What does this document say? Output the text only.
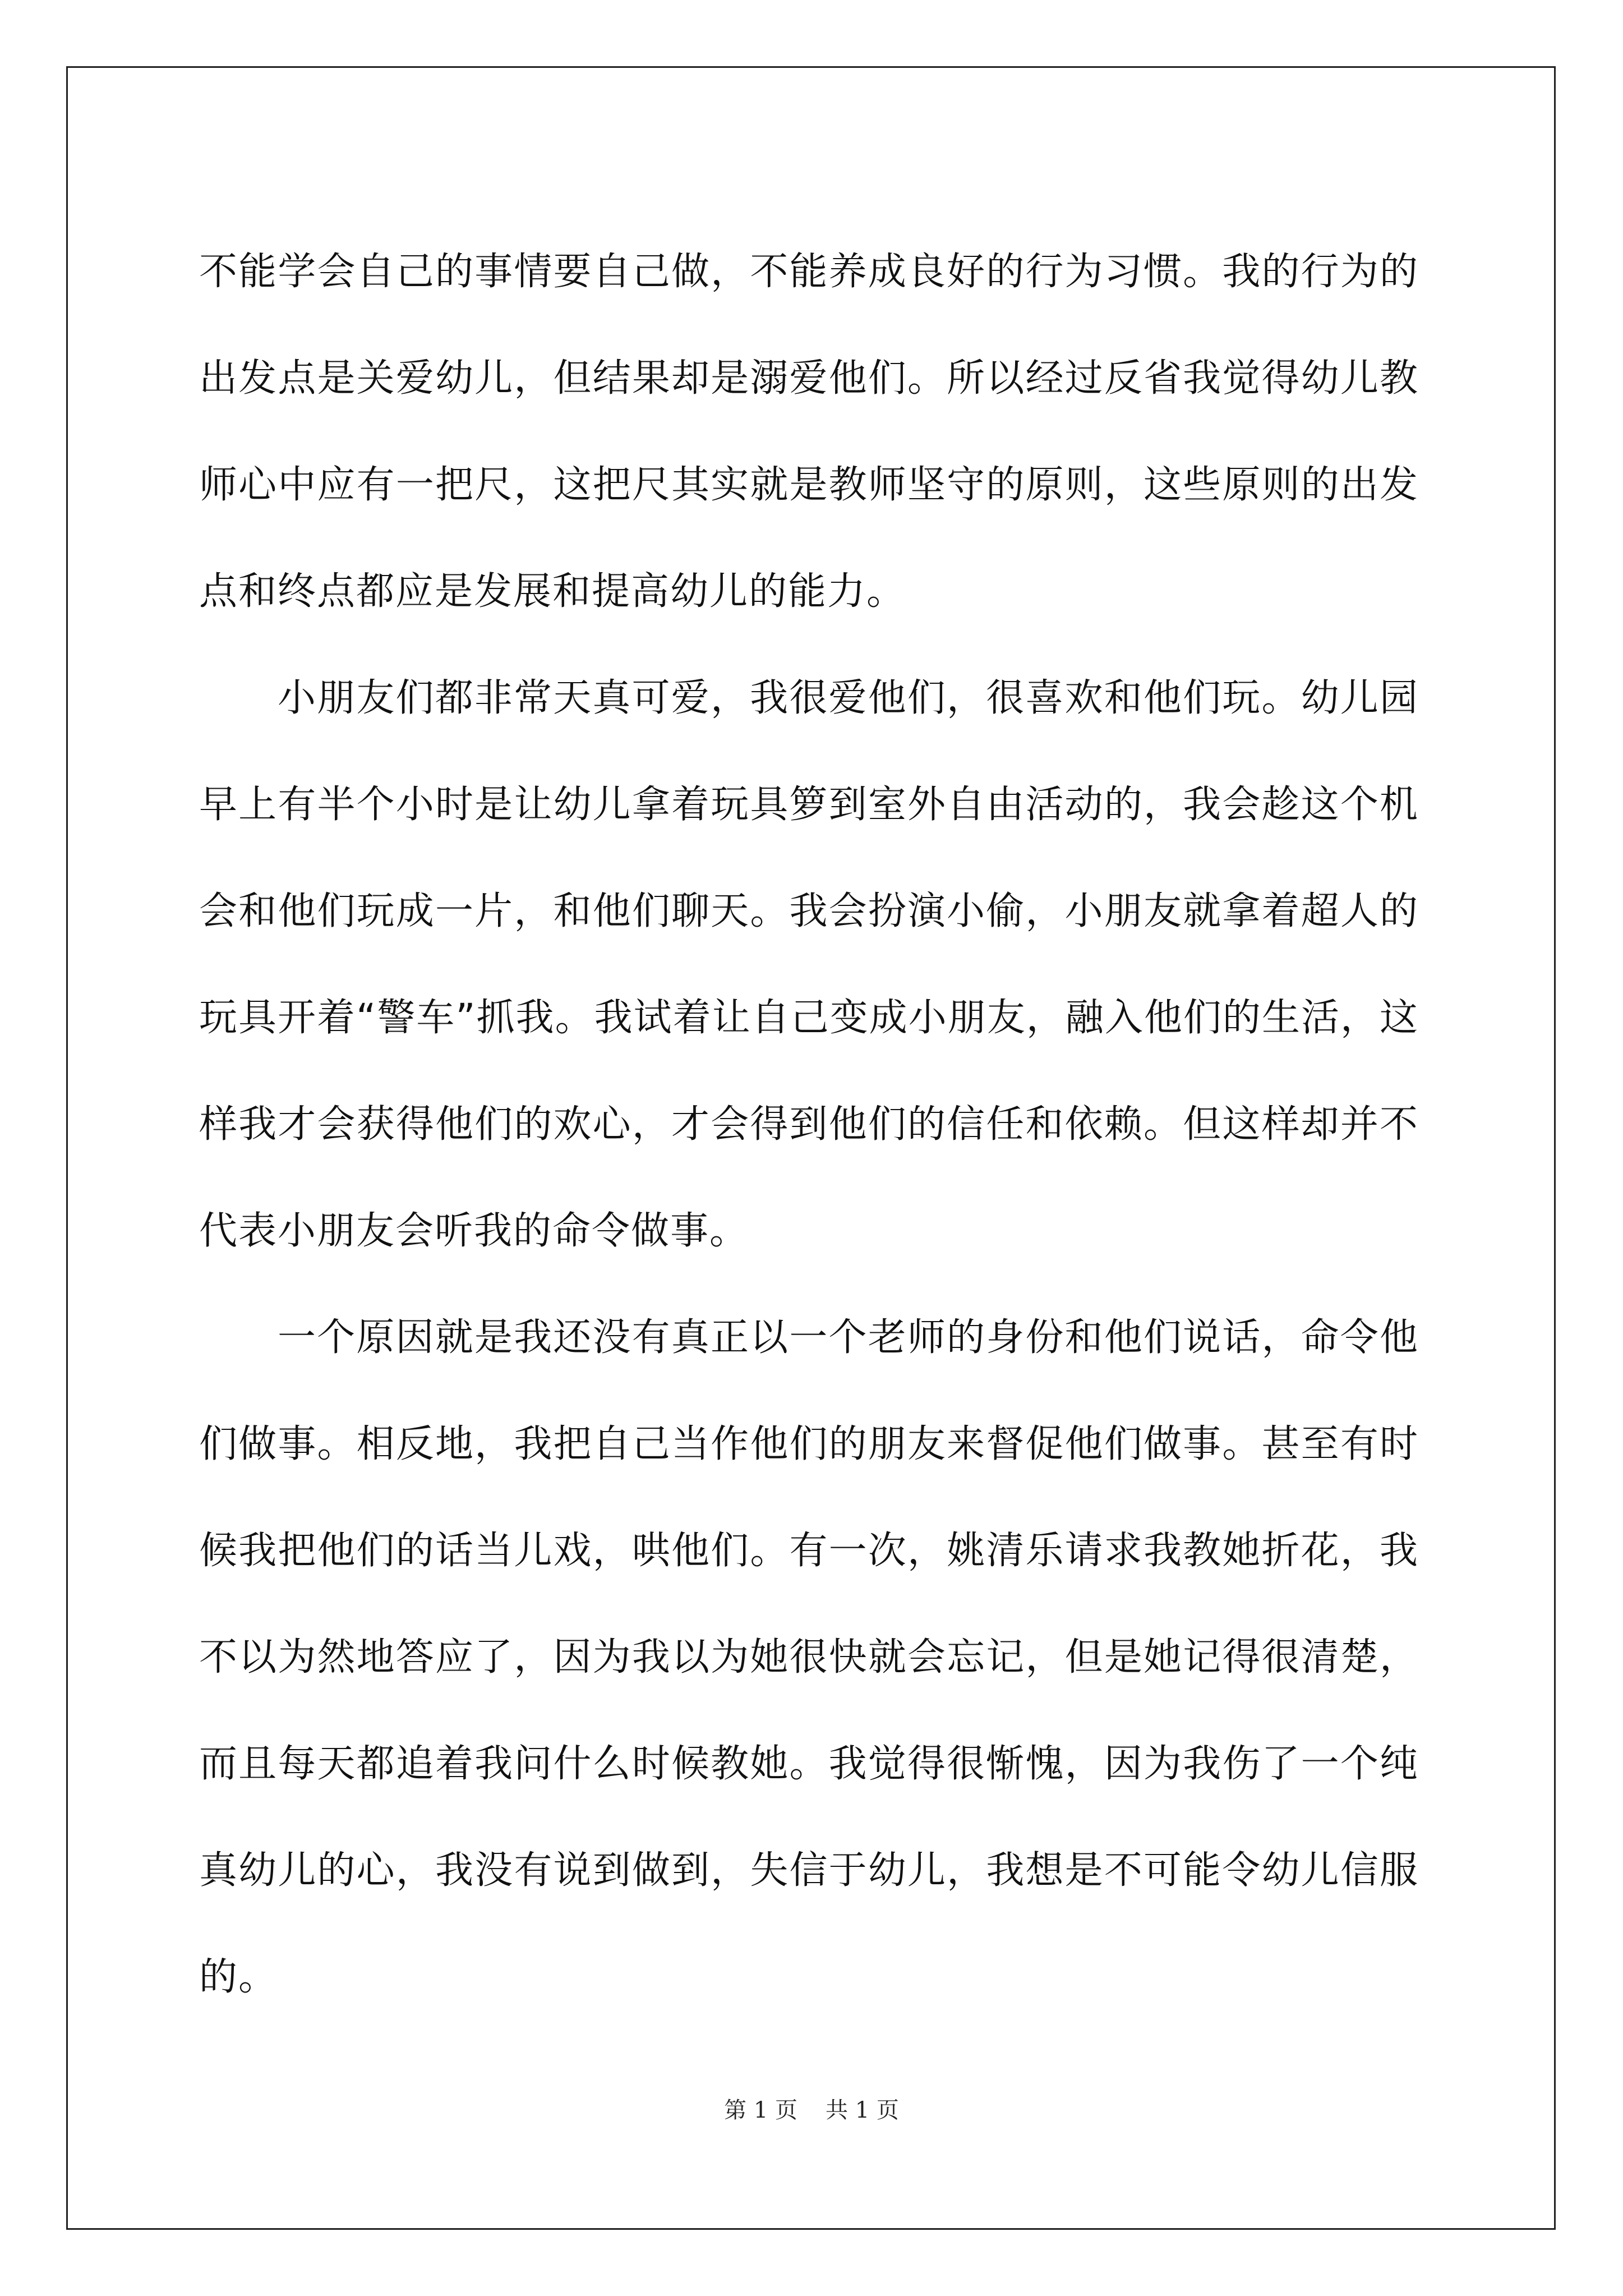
不能学会自己的事情要自己做，不能养成良好的行为习惯。我的行为的出发点是关爱幼儿，但结果却是溺爱他们。所以经过反省我觉得幼儿教师心中应有一把尺，这把尺其实就是教师坚守的原则，这些原则的出发点和终点都应是发展和提高幼儿的能力。

小朋友们都非常天真可爱，我很爱他们，很喜欢和他们玩。幼儿园早上有半个小时是让幼儿拿着玩具箩到室外自由活动的，我会趁这个机会和他们玩成一片，和他们聊天。我会扮演小偷，小朋友就拿着超人的玩具开着“警车”抓我。我试着让自己变成小朋友，融入他们的生活，这样我才会获得他们的欢心，才会得到他们的信任和依赖。但这样却并不代表小朋友会听我的命令做事。

一个原因就是我还没有真正以一个老师的身份和他们说话，命令他们做事。相反地，我把自己当作他们的朋友来督促他们做事。甚至有时候我把他们的话当儿戏，哄他们。有一次，姚清乐请求我教她折花，我不以为然地答应了，因为我以为她很快就会忘记，但是她记得很清楚，而且每天都追着我问什么时候教她。我觉得很惭愧，因为我伤了一个纯真幼儿的心，我没有说到做到，失信于幼儿，我想是不可能令幼儿信服的。

第 1 页 共 1 页
